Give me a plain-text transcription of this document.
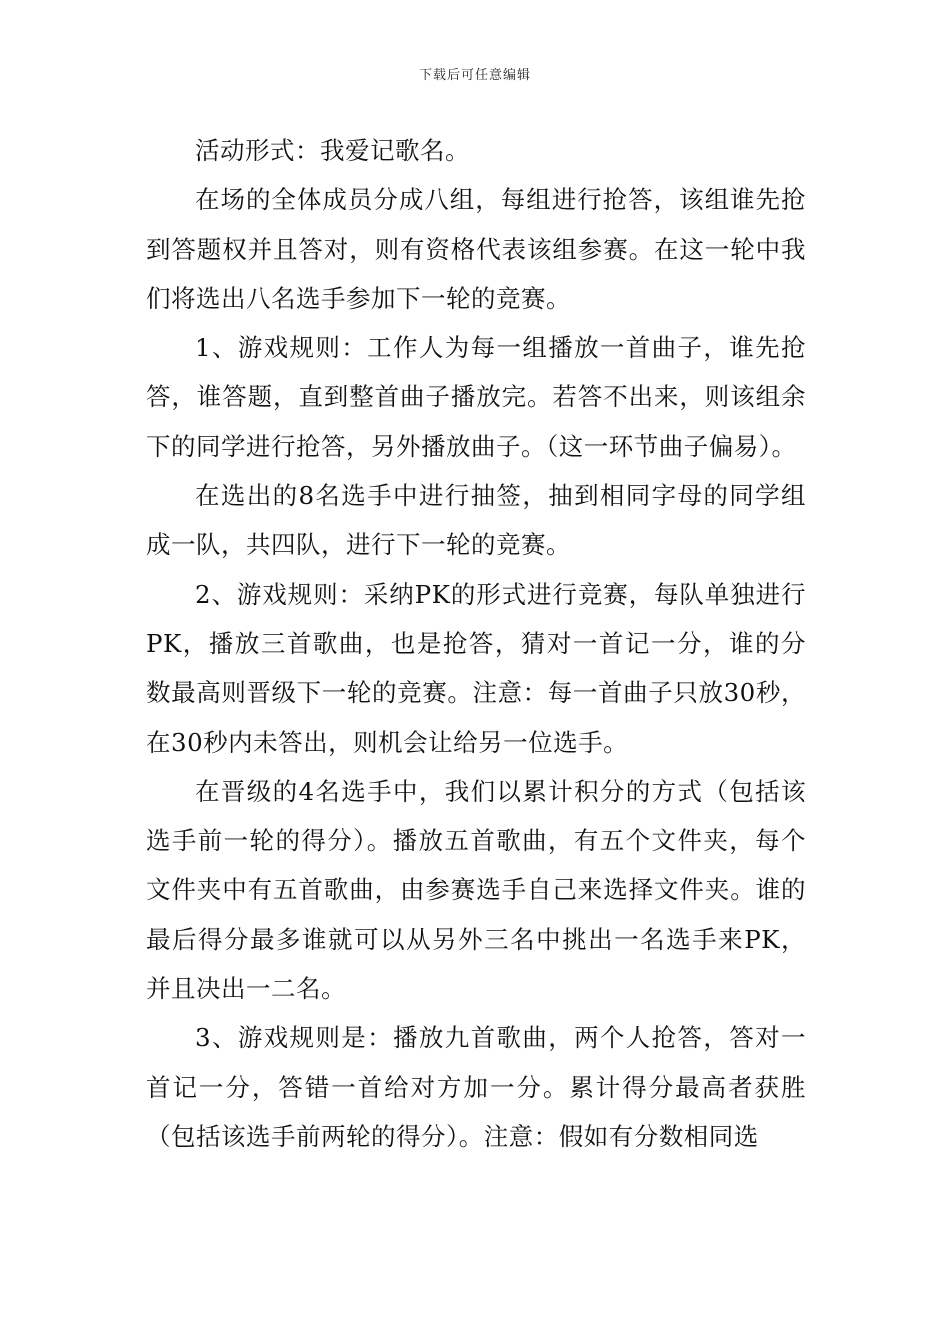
下载后可任意编辑

活动形式：我爱记歌名。

在场的全体成员分成八组，每组进行抢答，该组谁先抢到答题权并且答对，则有资格代表该组参赛。在这一轮中我们将选出八名选手参加下一轮的竞赛。

1、游戏规则：工作人为每一组播放一首曲子，谁先抢答，谁答题，直到整首曲子播放完。若答不出来，则该组余下的同学进行抢答，另外播放曲子。（这一环节曲子偏易）。

在选出的8名选手中进行抽签，抽到相同字母的同学组成一队，共四队，进行下一轮的竞赛。

2、游戏规则：采纳PK的形式进行竞赛，每队单独进行PK，播放三首歌曲，也是抢答，猜对一首记一分，谁的分数最高则晋级下一轮的竞赛。注意：每一首曲子只放30秒，在30秒内未答出，则机会让给另一位选手。

在晋级的4名选手中，我们以累计积分的方式（包括该选手前一轮的得分）。播放五首歌曲，有五个文件夹，每个文件夹中有五首歌曲，由参赛选手自己来选择文件夹。谁的最后得分最多谁就可以从另外三名中挑出一名选手来PK，并且决出一二名。

3、游戏规则是：播放九首歌曲，两个人抢答，答对一首记一分，答错一首给对方加一分。累计得分最高者获胜（包括该选手前两轮的得分）。注意：假如有分数相同选
